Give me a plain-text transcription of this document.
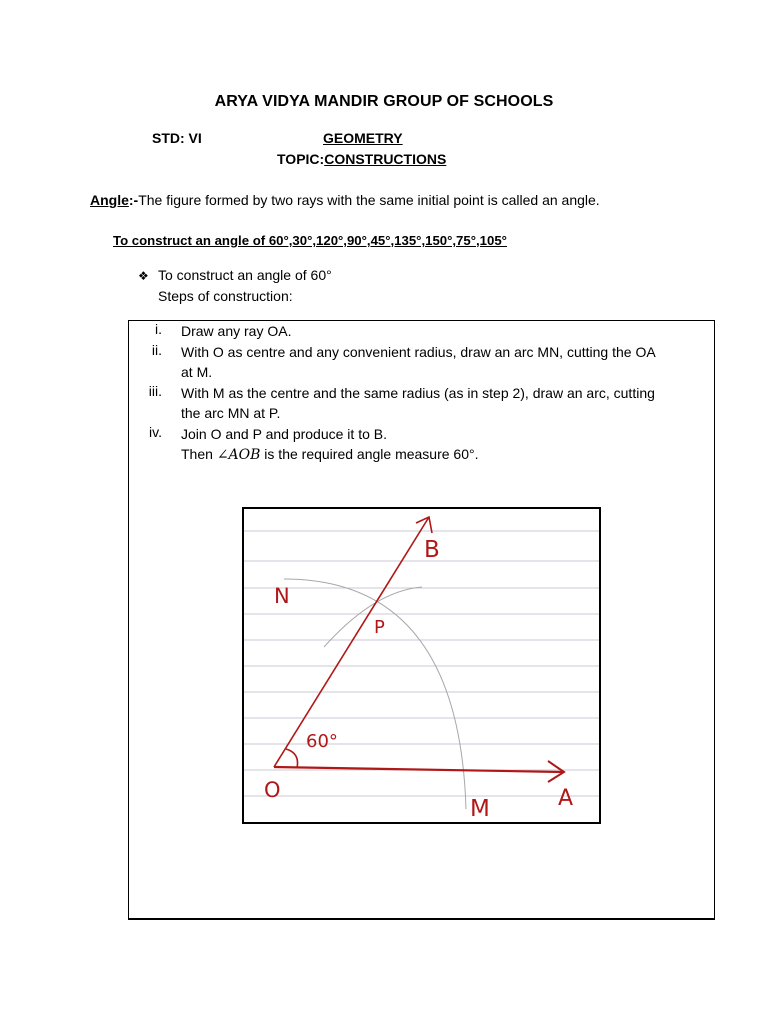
ARYA VIDYA MANDIR GROUP OF SCHOOLS
STD: VI	GEOMETRY
TOPIC:CONSTRUCTIONS
Angle:-The figure formed by two rays with the same initial point is called an angle.
To construct an angle of 60°,30°,120°,90°,45°,135°,150°,75°,105°
❖ To construct an angle of 60°
Steps of construction:
i. Draw any ray OA.
ii. With O as centre and any convenient radius, draw an arc MN, cutting the OA
at M.
iii. With M as the centre and the same radius (as in step 2), draw an arc, cutting
the arc MN at P.
iv. Join O and P and produce it to B.
Then ∠AOB is the required angle measure 60°.
B
N
P
60°
O
M	A
